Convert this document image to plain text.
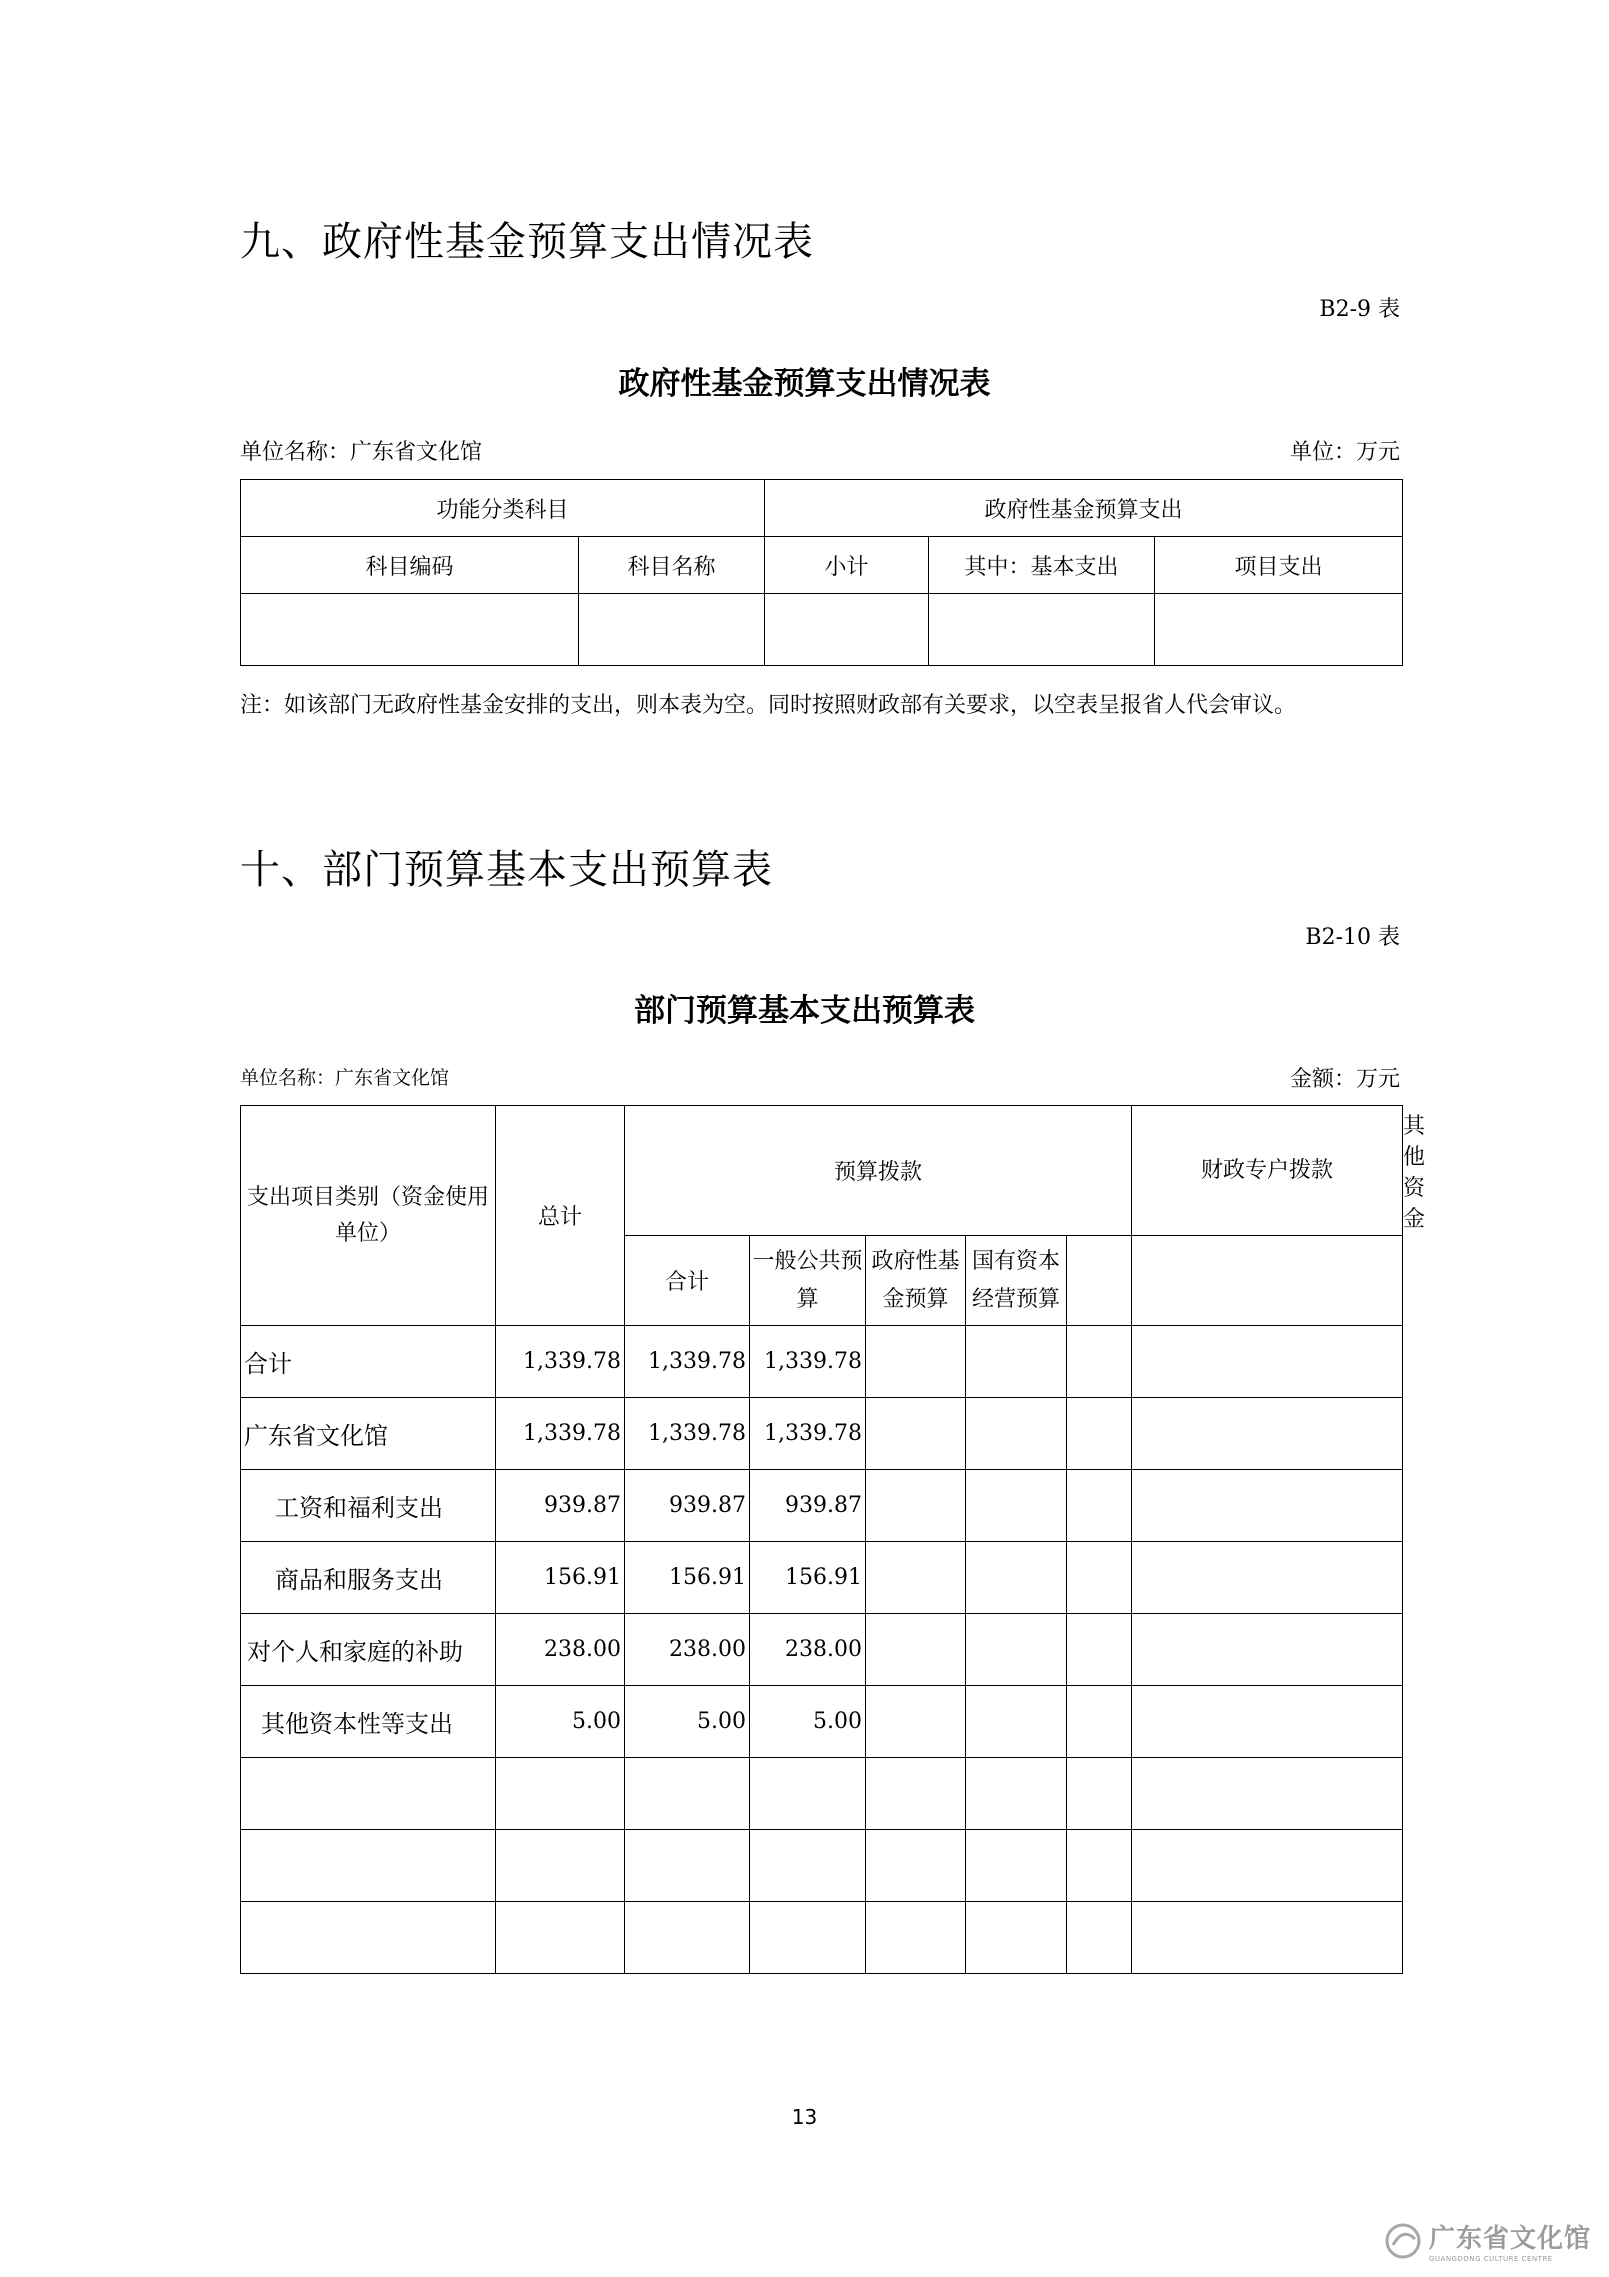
九、政府性基金预算支出情况表
B2-9 表
政府性基金预算支出情况表
单位名称：广东省文化馆	单位：万元
功能分类科目		政府性基金预算支出		
科目编码	科目名称	小计	其中：基本支出	项目支出

注：如该部门无政府性基金安排的支出，则本表为空。同时按照财政部有关要求，以空表呈报省人代会审议。
十、部门预算基本支出预算表
B2-10 表
部门预算基本支出预算表
单位名称：广东省文化馆	金额：万元
支出项目类别（资金使用单位）	总计	预算拨款					财政专户拨款	其他资金
		合计	一般公共预算	政府性基金预算	国有资本经营预算			
合计	1,339.78	1,339.78	1,339.78					
广东省文化馆	1,339.78	1,339.78	1,339.78					
工资和福利支出	939.87	939.87	939.87					
商品和服务支出	156.91	156.91	156.91					
对个人和家庭的补助	238.00	238.00	238.00					
其他资本性等支出	5.00	5.00	5.00					

13
广东省文化馆
GUANGDONG CULTURE CENTRE
